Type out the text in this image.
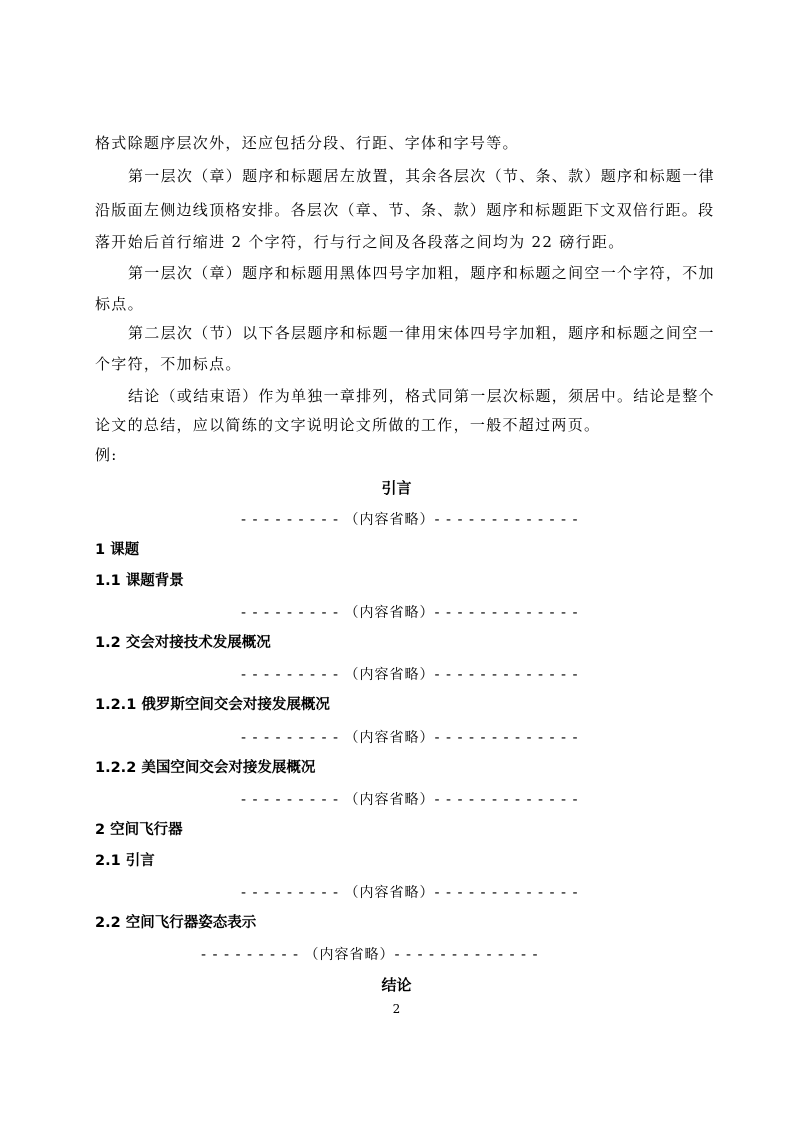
格式除题序层次外，还应包括分段、行距、字体和字号等。
第一层次（章）题序和标题居左放置，其余各层次（节、条、款）题序和标题一律
沿版面左侧边线顶格安排。各层次（章、节、条、款）题序和标题距下文双倍行距。段
落开始后首行缩进 2 个字符，行与行之间及各段落之间均为 22 磅行距。
第一层次（章）题序和标题用黑体四号字加粗，题序和标题之间空一个字符，不加
标点。
第二层次（节）以下各层题序和标题一律用宋体四号字加粗，题序和标题之间空一
个字符，不加标点。
结论（或结束语）作为单独一章排列，格式同第一层次标题，须居中。结论是整个
论文的总结，应以简练的文字说明论文所做的工作，一般不超过两页。
例:
引言
- - - - - - - - - （内容省略）- - - - - - - - - - - - -
1 课题
1.1 课题背景
- - - - - - - - - （内容省略）- - - - - - - - - - - - -
1.2 交会对接技术发展概况
- - - - - - - - - （内容省略）- - - - - - - - - - - - -
1.2.1 俄罗斯空间交会对接发展概况
- - - - - - - - - （内容省略）- - - - - - - - - - - - -
1.2.2 美国空间交会对接发展概况
- - - - - - - - - （内容省略）- - - - - - - - - - - - -
2 空间飞行器
2.1 引言
- - - - - - - - - （内容省略）- - - - - - - - - - - - -
2.2 空间飞行器姿态表示
- - - - - - - - - （内容省略）- - - - - - - - - - - - -
结论
2
